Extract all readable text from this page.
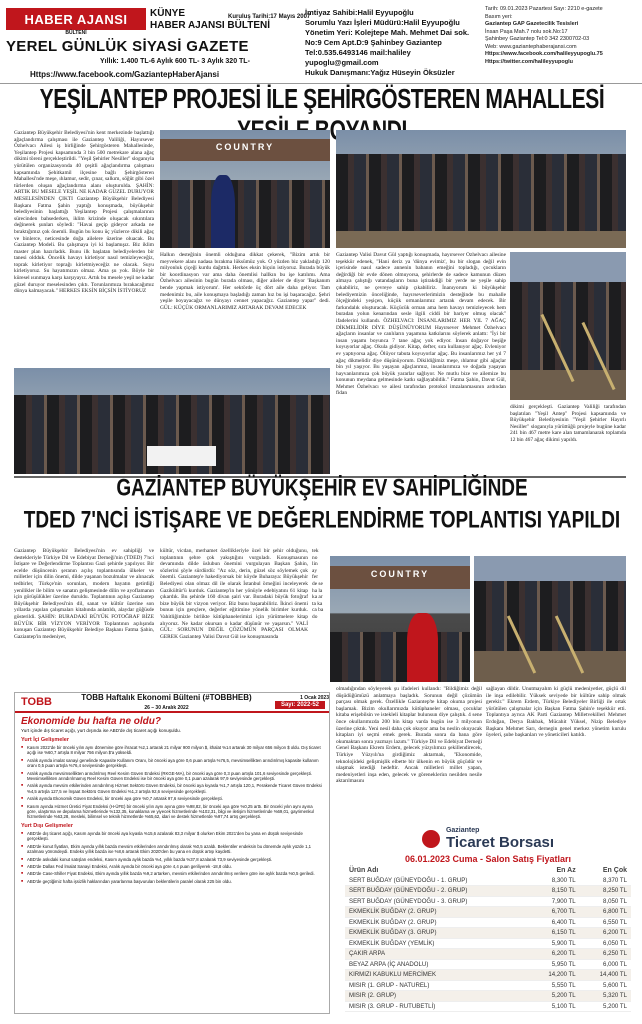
HABER AJANSI
BÜLTENİ
KÜNYE
HABER AJANSI BÜLTENİ
Kuruluş Tarihi:17 Mayıs 2007
YEREL GÜNLÜK SİYASİ GAZETE
Yıllık: 1.400 TL-6 Aylık 600 TL- 3 Aylık 320 TL-
Https://www.facebook.com/GaziantepHaberAjansi
İmtiyaz Sahibi:Halil Eyyupoğlu
Sorumlu Yazı İşleri Müdürü:Halil Eyyupoğlu
Yönetim Yeri: Kolejtepe Mah. Mehmet Dai sok.
No:9 Cem Apt.D:9 Şahinbey Gaziantep
Tel:0.535.6493146 mail:haliley yupoglu@gmail.com
Hukuk Danışmanı:Yağız Hüseyin Öksüzler
Tarih: 09.01.2023 Pazartesi Sayı: 2210 e-gazete
Basım yeri:
Gaziantep GAP Gazetecilik Tesisleri
İnsan Paşa Mah.7 nolu sok.No:17
Şahinbey Gaziantep Tel:0 342 2300702-03
Web: www.gaziantephaberajansi.com
Https://www.facebook.com/halileyyupoglu.75
Https://twitter.com/halileyyupoglu
YEŞİLANTEP PROJESİ İLE ŞEHİRGÖSTEREN MAHALLESİ
Gaziantep Büyükşehir Belediyesi'nin kent merkezinde başlattığı ağaçlandırma çalışması ile Gaziantep Valiliği, Hayırsever Özhelvacı Ailesi iş birliğinde Şehirgösteren Mahallesinde, Yeşilantep Projesi kapsamında 3 bin 500 metrekare alana ağaç dikimi töreni gerçekleştirildi. "Yeşil Şehirler Nesiller" sloganıyla yürütülen organizasyonda 40 çeşitli ağaçlandırma çalışması kapsamında Şehitkamil ilçesine bağlı Şehirgösteren Mahallesi'nde meşe, ıhlamur, sedir, çınar, salkım, söğüt gibi özel türlerden oluşan ağaçlandırma alanı oluşturulda. ŞAHİN: ARTIK BU MESELE YEŞİL NE KADAR GÜZEL DURUYOR MESELESİNDEN ÇIKTI Gaziantep Büyükşehir Belediyesi Başkanı Fatma Şahin yaptığı konuşmada, büyükşehir belediyesinin başlattığı Yeşilantep Projesi çalışmalarının sürecinden bahsederken, iklim krizinde oluşacak sıkıntılara değinerek şunları söyledi: "Havai geçip gideyor arkada ne bıraktığımız çok önemli. Bugün bu konu üç yüzlerce dikili ağaç ve binlerce, neticesinde doğa ailelere üzerine oluacak. Bu Gaziantep Modeli. Bu çalışmaya iyi ki başlamışız. Biz iklim master plan hazırladık. Bunu ilk başlatan belediyelerden bir tanesi oldduk. Öncelik havayı kirletiyor nasıl temizleyeceğiz, toprak kirletiyor toprağı kirletmiyeceğiz ne olacak. Suyu kirletiyoruz. Su hayatımızın olmaz. Ama şu yok. Böyle bir küresel ısınmaya karşı karşıyayız. Artık bu mesele yeşil ne kadar güzel duruyor meselesinden çıktı. Torunlarımıza bırakacağımız dünya kalmayacak." HERKES EKSİN BİÇSİN İSTİYORUZ
COUNTRY
Halkın desteğinin önemli olduğuna dikkat çekerek, "Bizim artık bir meyvekere alanı nadasa bırakma lüksümüz yok. O yüzden biz yakladığı 120 milyonluk çiçeği kurdu dağıttık. Herkes eksin biçsin istiyoruz. Burada büyük bir koordinasyon var ama daha önemlisi hallkın bu işe katılımı. Ama Özhelvacı ailesinin bugün burada olması, diğer aileler de diyor 'Başkanım bende yapmak istiyorum'. Her sektörde üç dört aile daha geliyor. Tam medenimiz bu, aile konuşmaya başladığı zaman hız bu işi başaracağız. Şehri yeşile boyayacağız ve dünyayı cennet yapacağız. Gaziantep yapar" dedi. GÜL: KÜÇÜK ORMANLARIMIZ ARTARAK DEVAM EDECEK
Gaziantep Valisi Davut Gül yaptığı konuşmada, hayırsever Özhelvacı ailesine teşekkür edenek, "Hani deriz ya 'dünya evimiz', bu bir slogan değil evin içerisinde nasıl sadece annenin babanın emeğini topladığı, çocukların değirdiği bir evde dönen olmuyorsa, şehirlerde de sadece kamunun düzen almaya çalıştığı vatandaşların buna iştirakdiği bir yerde ne yeşile sahip çıkabiliriz, ne çevreye sahip çıkabiliriz. İnanıyorum ki büyükşehir belediyemizin önceliğinde, hayırseverlerimizin desteğinde bu mahalle ölçeğindeki yeşiçen, küçük ormanlarımız artarak devam edecek. Bir farkındalık oluşturacak. Küçücük orman ama hem havayı temizleyecek hem buradan yolun kenarından sesle ilgili ciddi bir bariyer olmuş olacak" ifadelerini kullandı. ÖZHELVACI: İNSANLARIMIZ HER YIL 7 AĞAÇ DİKMELİDİR DİYE DÜŞÜNÜYORUM Hayırsever Mehmet Özhelvacı ağaçların insanlar ve canlıların yaşamına katkılarını söylerek anlattı: "İyi bir insan yaşamı boyunca 7 tane ağaç yok ediyor. İnsan doğayor beşiğe koyuyorlar ağaç. Okula gidiyor. Kitap, defter, sıra kullanıyor ağaç. Evleniyor ev yaptıyorsa ağaç. Ölüyor tabuta koyuyorlar ağaç. Bu insanlarımız her yıl 7 ağaç dikmelidir diye düşünüyorum. Dikildiğimiz meşe, ıhlamur gibi ağaçlar bin yıl yaşıyor. Bu yaşayan ağaçlarımız, insanlarımıza ve doğada yaşayan hayvanlarımıza çok büyük yararlar sağlıyor. Ne mutlu bize ve ailemize bu konunun meydana gelmesinde katkı sağlayabildik." Fatma Şahin, Davut Gül, Mehmet Özhelvacı ve ailesi tarafından protokol imzalanmasının ardından fidan
dikimi gerçekleşti. Gaziantep Valiliği tarafından başlatılan "Yeşil Antep" Projesi kapsamında ve Büyükşehir Belediyesinin "Yeşil Şehirler Hayırlı Nesiller" sloganıyla yürüttüğü projeyle bugüne kadar 241 bin 467 metre kare alan tamamlanarak toplamda 12 bin 467 ağaç dikimi yapıldı.
GAZİANTEP BÜYÜKŞEHİR EV SAHİPLİĞİNDE
TDED 7'NCİ İSTİŞARE VE DEĞERLENDİRME TOPLANTISI YAPILDI
Gaziantep Büyükşehir Belediyesi'nin ev sahipliği ve destekleriyle Türkiye Dil ve Edebiyat Derneği'nin (TDED) 7'nci İstişare ve Değerlendirme Toplantısı Gazi şehirde yapılıyor. Bir ecelde düşüncenin şeranın açılış toplantısında ülkeler ve milletler için dilin önemi, dilde yaşanan bozulmalar ve alınacak tedbirler, Türkçe'nin sorunları, modern hayatın getirdiği yenilikler ile bilim ve sanatın gelişmesinde dilin ve ayoflamanın için görüşülükler üzerine duruldu. Toplantının açılışı Gaziantep Büyükşehir Belediyesi'nin dil, sanat ve kültür üzerine son yıllarda yapılan çalışmaları kitabında anlatıldı, alaydar göğüsde gösterildi. ŞAHİN: BURADAKİ BÜYÜK FOTOĞRAF BİZE BÜYÜK BİR VİZYON VERİYOR Toplantının açılışında konuşan Gaziantep Büyükşehir Belediye Başkanı Fatma Şahin, Gaziantep'in medeniyet,
kültür, vicdan, merhamet özellikleriyle özel bir şehir olduğunu, toplantının şehre çok yakıştığını vurguladı. Konuşmasının devamında dilde üslubun önemini vurgulayan Başkan Şahin, sözlerini şöyle sürdürdü: "Az söz, derin, güzel söz söylemek çok önemli. Gaziantep'e hakediyorsak bir köyde Buharaya: Büyükşehir Belediyesi olan olmaz dil ile olarak İstanbul örneğini inceleyerek Gazikültür'ü kurduk. Gaziantep'in her yönüyle edebiyatını 61 kitap çıkardık. Bu şehirde 160 divan şairi var. Buradaki büyük fotoğraf bize büyük bir vizyon veriyor. Biz bunu başarabiliriz. İkinci önemi bunun için gençlere, değerler eğitimine yönelik birimler kurduk. Vahitliğimizle birlikte kütüphanelerimizi için yürütmelere kitap alıyoruz. Ne kadar okursan o kadar düşünür ve yaşarsın." VALİ GÜL: SORUNUN DEĞİL ÇÖZÜMÜN PARÇASI OLMAK GEREK Gaziantep Valisi Davut Gül ise konuşmasında
tek no lin ay fer de se ha la ka ar ta ka ca ba do
COUNTRY
olmadığından söyleyerek şu ifadeleri kullandı: "Bildiğimiz değil düşüdüğümüzü anlatmaya başladık. Sorunun değil çözümün parçası olmak gerek. Özellikle Gaziantep'te kitap okuma projesi başlamak. Bizim okullarımızda kütüphaneler olması, çocuklar kitaba erişebilsin ve istekleli kitaplar bulunsun diye çalıştık. 4 sene önce okullarımızda 200 bin kitap varda bugün ise 3 milyonun üzerine çıktık. Yeni nesil daha çok okuyor ama bu neslin okuyacak kitapları iyi seçmi emek gerek. Burada sonra da bana göre okumaktan sonra yazmayı lazım." Türkiye Dil ve Edebiyat Derneği Genel Başkanı Ekrem Erdem, gelecek yüzyılımızı şekillendirecek, Türkiye Yüzyılı'na girdiğimiz aktarmak, "Ekonomide, teknolojideki gelişmişlik elbette bir ülkenin en büyük güçüdür ve ulaşmak istediği hedeftir. Ancak milletleri millet yapan, medeniyetleri inşa eden, gelecek ve görenekleriın nesilden nesile aktarılmasını
sağlayan dildir. Unutmayalım ki güçlü medeniyetler, güçlü dil ile inşa edilebilir. Yüksek seviyede bir kültüre sahip olmak gerekir." Ekrem Erdem, Türkiye Belediyeler Birliği ile ortak yürütülen çalışmalar için Başkan Fatma Şahin'e teşekkür etti. Toplantıya ayrıca AK Parti Gaziantep Milletvekilleri Mehmet Erdoğan, Derya Bakbak, Mücahit Yüksel, Nizip Belediye Başkanı Mehmet Sarı, dernegin genel merkez yönetim kurulu üyeleri, şube başkanları ve yöneticileri katıldı.
TOBB	TOBB Haftalık Ekonomi Bülteni (#TOBBHEB)
26 – 30 Aralık 2022
1 Ocak 2023
Sayı: 2022-52
Ekonomide bu hafta ne oldu?
Yurt içinde dış ticaret açığı, yurt dışında ise ABD'de dış ticaret açığı konuşuldu.
Yurt İçi Gelişmeler
■ Kasım 2022'de bir önceki yılın aynı dönemine göre ihracat %2,1 artarak 21 milyar 900 milyon $, ithalat %14 artarak 30 milyar 656 milyon $ oldu. Dış ticaret açığı ise %60,7 artışla 8 milyar 756 milyon $'a yükseldi.
■ Aralık ayında imalat sanayi genelinde Kapasite Kullanım Oranı, bir önceki aya göre 0,6 puan artışla %76,5, mevsimsellikten arındırılmış kapasite kullanım oranı 0,5 puan artışla %76,4 seviyesinde gerçekleşti.
■ Aralık ayında mevsimsellikten arındırılmış Reel Kesim Güven Endeksi (RKGE-MA), bir önceki aya göre 0,3 puan artışla 101,6 seviyesinde gerçekleşti. Mevsimsellikten arındırılmamış Reel Kesim Güven Endeksi ise bir önceki aya göre 0,1 puan azalarak 97,9 seviyesinde gerçekleşti.
■ Aralık ayında mevsim etkilerinden arındırılmış Hizmet Sektörü Güven Endeksi, bir önceki aya kıyasla %1,7 artışla 120,1, Perakende Ticaret Güven Endeksi %4,5 artışla 127,5 ve İnşaat Sektörü Güven Endeksi %1,2 artışla 92,6 seviyesinde gerçekleşti.
■ Aralık ayında Ekonomik Güven Endeksi, bir önceki aya göre %0,7 artarak 97,6 seviyesinde gerçekleşti.
■ Kasım ayında Hizmet Üretici Fiyat Endeksi (H-ÜFE) bir önceki yılın aynı ayına göre %98,82, bir önceki aya göre %0,25 arttı. Bir önceki yılın aynı ayına göre, ulaştırma ve depolama hizmetlerinde %132,35, konaklama ve yiyecek hizmetlerinde %102,31, bilgi ve iletişim hizmetlerinde %69,01, gayrimenkul hizmetlerinde %63,28, mesleki, bilimsel ve teknik hizmetlerde %65,62, idari ve destek hizmetlerde %97,74 artış gerçekleşti.
Yurt Dışı Gelişmeler
■ ABD'de dış ticaret açığı, Kasım ayında bir önceki aya kıyasla %15,6 azalarak 83,3 milyar $ olurken Ekim 2021'den bu yana en düşük seviyesinde gerçekleşti.
■ ABD'de konut fiyatları, Ekim ayında yıllık bazda mevsim etkilerinden arındırılmış olarak %0,5 azaldı. Beklentiler endeksin bu dönemde aylık yüzde 1,1 azalması yönündeydi. Endeks yıllık bazda ise %8,6 artarak Ekim 2020'den bu yana en düşük artışı kaydetti.
■ ABD'de askıdaki konut satışları endeksi, Kasım ayında aylık bazda %4, yıllık bazda %37,8 azalarak 73,9 seviyesinde gerçekleşti.
■ ABD'de Dallas Fed İmalat Sanayi Endeksi, Aralık ayında bir önceki aya göre 4,4 puan geriliyerek -18,8 oldu.
■ ABD'de Case-Shiller Fiyat Endeksi, Ekim ayında yıllık bazda %9,2 artarken, mevsim etkilerinden arındırılmış verilere göre ise aylık bazda %0,5 geriledi.
■ ABD'de geçtiğimiz hafta işsizlik haklarından yararlanma başvuruları beklentilerin paralel olarak 225 bin oldu.
Gaziantep
Ticaret Borsası
06.01.2023 Cuma - Salon Satış Fiyatları
Ürün Adı	En Az	En Çok
SERT BUĞDAY (GÜNEYDOĞU - 1. GRUP)	8,300 TL	8,370 TL
SERT BUĞDAY (GÜNEYDOĞU - 2. GRUP)	8,150 TL	8,250 TL
SERT BUĞDAY (GÜNEYDOĞU - 3. GRUP)	7,900 TL	8,050 TL
EKMEKLİK BUĞDAY (2. GRUP)	6,700 TL	6,800 TL
EKMEKLİK BUĞDAY (2. GRUP)	6,400 TL	6,550 TL
EKMEKLİK BUĞDAY (3. GRUP)	6,150 TL	6,200 TL
EKMEKLİK BUĞDAY (YEMLİK)	5,900 TL	6,050 TL
ÇAKIR ARPA	6,200 TL	6,250 TL
BEYAZ ARPA (İÇ ANADOLU)	5,950 TL	6,000 TL
KIRMIZI KABUKLU MERCİMEK	14,200 TL	14,400 TL
MISIR (1. GRUP - NATUREL)	5,550 TL	5,600 TL
MISIR (2. GRUP)	5,200 TL	5,320 TL
MISIR (3. GRUP - RUTUBETLİ)	5,100 TL	5,200 TL
